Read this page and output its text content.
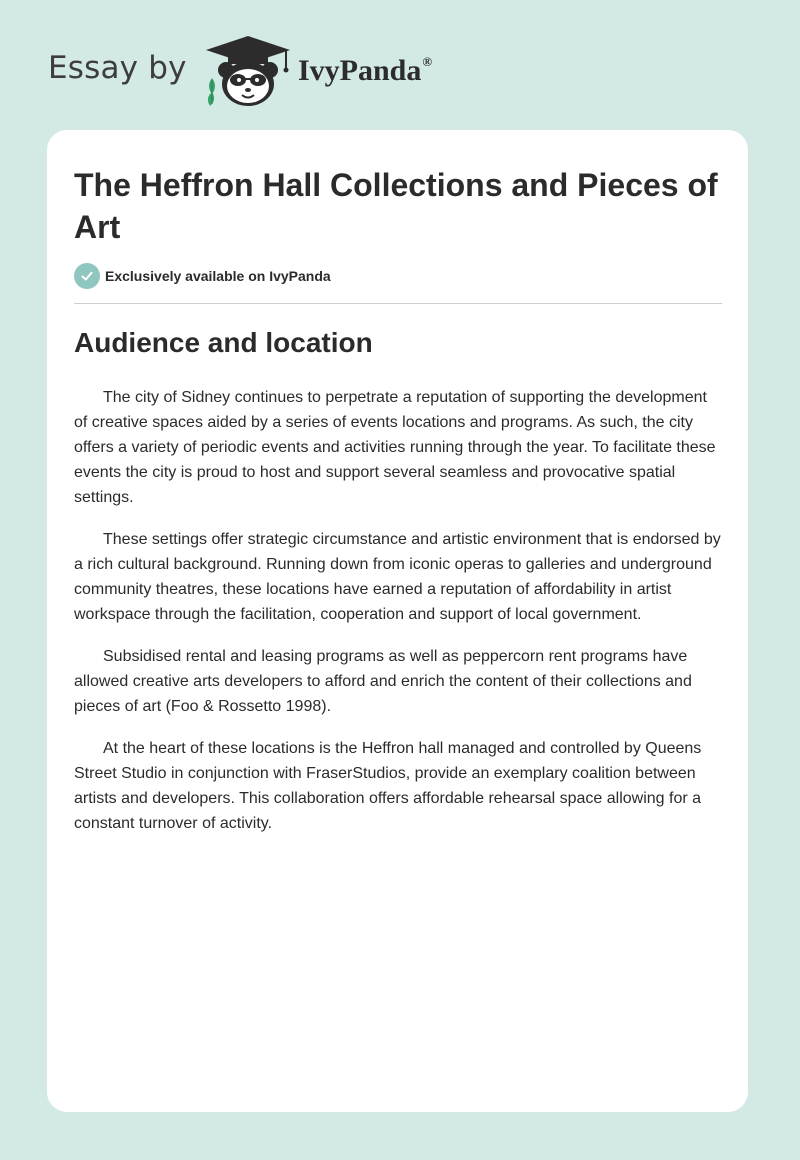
Essay by	IvyPanda®
The Heffron Hall Collections and Pieces of Art
Exclusively available on IvyPanda
Audience and location

The city of Sidney continues to perpetrate a reputation of supporting the development of creative spaces aided by a series of events locations and programs. As such, the city offers a variety of periodic events and activities running through the year. To facilitate these events the city is proud to host and support several seamless and provocative spatial settings.

These settings offer strategic circumstance and artistic environment that is endorsed by a rich cultural background. Running down from iconic operas to galleries and underground community theatres, these locations have earned a reputation of affordability in artist workspace through the facilitation, cooperation and support of local government.

Subsidised rental and leasing programs as well as peppercorn rent programs have allowed creative arts developers to afford and enrich the content of their collections and pieces of art (Foo & Rossetto 1998).

At the heart of these locations is the Heffron hall managed and controlled by Queens Street Studio in conjunction with FraserStudios, provide an exemplary coalition between artists and developers. This collaboration offers affordable rehearsal space allowing for a constant turnover of activity.
